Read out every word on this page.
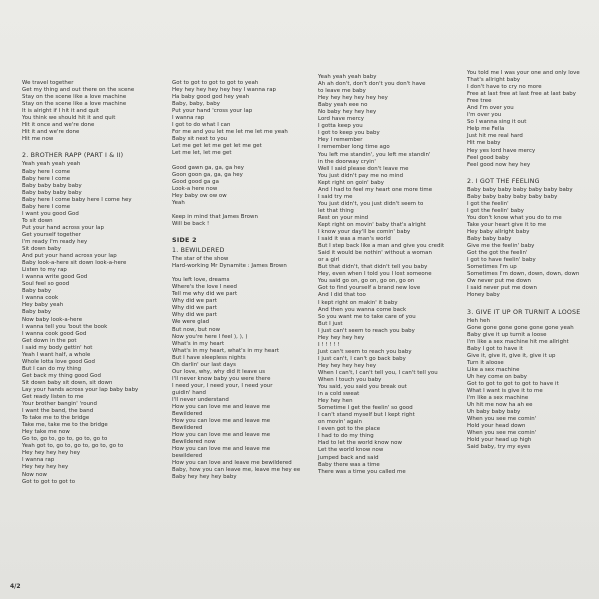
We travel together
Get my thing and out there on the scene
Stay on the scene like a love machine
Stay on the scene like a love machine
It is alright if I hit it and quit
You think we should hit it and quit
Hit it once and we're done
Hit it and we're done
Hit me now
2. BROTHER RAPP (PART I & II)
Yeah yeah yeah yeah
Baby here I come
Baby here I come
Baby baby baby baby
Baby baby baby baby
Baby here I come baby here I come hey
Baby here I come
I want you good God
To sit down
Put your hand across your lap
Get yourself together
I'm ready I'm ready hey
Sit down baby
And put your hand across your lap
Baby look-a-here sit down look-a-here
Listen to my rap
I wanna write good God
Soul feel so good
Baby baby
I wanna cook
Hey baby yeah
Baby baby
Now baby look-a-here
I wanna tell you 'bout the book
I wanna cook good God
Get down in the pot
I said my body gettin' hot
Yeah I want half, a whole
Whole lotta love good God
But I can do my thing
Get back my thing good God
Sit down baby sit down, sit down
Lay your hands across your lap baby baby
Get ready listen to me
Your brother bangin' 'round
I want the band, the band
To take me to the bridge
Take me, take me to the bridge
Hey take me now
Go to, go to, go to, go to, go to
Yeah got to, go to, go to, go to, go to
Hey hey hey hey hey
I wanna rap
Hey hey hey hey
Now now
Got to got to got to
Got to got to got to got to yeah
Hey hey hey hey hey hey I wanna rap
Ha baby good god hey yeah
Baby, baby, baby
Put your hand 'cross your lap
I wanna rap
I got to do what I can
For me and you let me let me let me yeah
Baby sit next to you
Let me get let me get let me get
Let me let, let me get
Good gawn ga, ga, ga hey
Goon goon ga, ga, ga hey
Good good ga ga
Look-a here now
Hey baby ow ow ow
Yeah
Keep in mind that James Brown
Will be back !
SIDE 2
1. BEWILDERED
The star of the show
Hard-working Mr Dynamite : James Brown
You left love, dreams
Where's the love I need
Tell me why did we part
Why did we part
Why did we part
Why did we part
We were glad
But now, but now
Now you're here I feel ), ), )
What's in my heart
What's in my heart, what's in my heart
But I have sleepless nights
Oh darlin' our last days
Our love, why, why did it leave us
I'll never know baby you were there
I need your, I need your, I need your
guidin' hand
I'll never understand
How you can love me and leave me
Bewildered
How you can love me and leave me
Bewildered
How you can love me and leave me
Bewildered now
How you can love me and leave me
bewildered
How you can love and leave me bewildered
Baby, how you can leave me, leave me hey ee
Baby hey hey hey baby
Yeah yeah yeah baby
Ah ah don't, don't don't you don't have
to leave me baby
Hey hey hey hey hey hey
Baby yeah eee no
No baby hey hey hey
Lord have mercy
I gotta keep you
I got to keep you baby
Hey I remember
I remember long time ago
You left me standin', you left me standin'
in the doorway cryin'
Well I said please don't leave me
You just didn't pay me no mind
Kept right on goin' baby
And I had to feel my heart one more time
I said try me
You just didn't, you just didn't seem to
let that thing
Rest on your mind
Kept right on movin' baby that's alright
I know your day'll be comin' baby
I said it was a man's world
But I step back like a man and give you credit
Said it would be nothin' without a woman
or a girl
But that didn't, that didn't tell you baby
Hey, even when I told you I lost someone
You said go on, go on, go on, go on
Got to find yourself a brand new love
And I did that too
I kept right on makin' it baby
And then you wanna come back
So you want me to take care of you
But I just
I just can't seem to reach you baby
Hey hey hey hey
I ! ! ! ! !
Just can't seem to reach you baby
I just can't, I can't go back baby
Hey hey hey hey hey
When I can't, I can't tell you, I can't tell you
When I touch you baby
You said, you said you break out
in a cold sweat
Hey hey hen
Sometime I get the feelin' so good
I can't stand myself but I kept right
on movin' again
I even got to the place
I had to do my thing
Had to let the world know now
Let the world know now
Jumped back and said
Baby there was a time
There was a time you called me
You told me I was your one and only love
That's allright baby
I don't have to cry no more
Free at last free at last free at last baby
Free tree
And I'm over you
I'm over you
So I wanna sing it out
Help me Fella
Just hit me real hard
Hit me baby
Hey yes lord have mercy
Feel good baby
Feel good now hey hey
2. I GOT THE FEELING
Baby baby baby baby baby baby baby
Baby baby baby baby baby baby
I got the feelin'
I got the feelin' baby
You don't know what you do to me
Take your heart give it to me
Hey baby allright baby
Baby baby baby
Give me the feelin' baby
Got the got the feelin'
I got to have feelin' baby
Sometimes I'm up
Sometimes I'm down, down, down, down
Ow never put me down
I said never put me down
Honey baby
3. GIVE IT UP OR TURNIT A LOOSE
Heh heh
Gone gone gone gone gone gone yeah
Baby give it up turnit a loose
I'm like a sex machine hit me allright
Baby I got to have it
Give it, give it, give it, give it up
Turn it aloose
Like a sex machine
Uh hey come on baby
Got to got to got to got to have it
What I want is give it to me
I'm like a sex machine
Uh hit me now ha ah ee
Uh baby baby baby
When you see me comin'
Hold your head down
When you see me comin'
Hold your head up high
Said baby, try my eyes
4/2
